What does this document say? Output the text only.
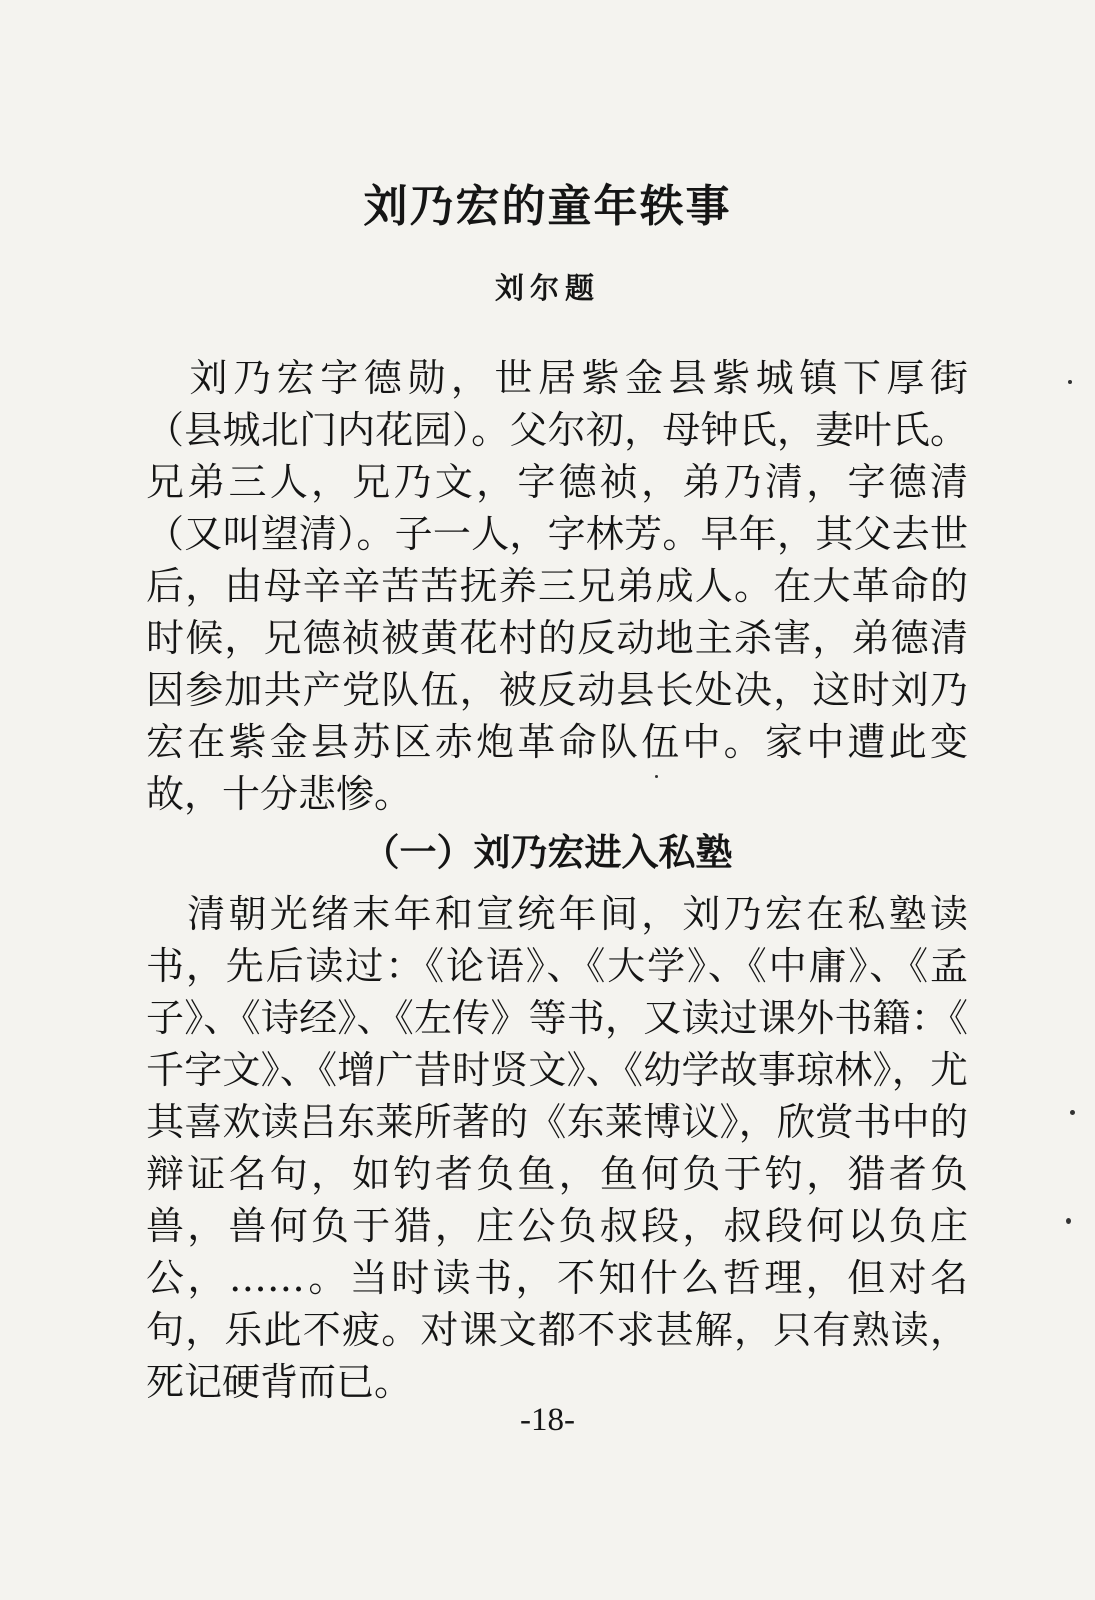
刘乃宏的童年轶事
刘尔题
　刘乃宏字德勋，世居紫金县紫城镇下厚街
（县城北门内花园）。父尔初，母钟氏，妻叶氏。
兄弟三人，兄乃文，字德祯，弟乃清，字德清
（又叫望清）。子一人，字林芳。早年，其父去世
后，由母辛辛苦苦抚养三兄弟成人。在大革命的
时候，兄德祯被黄花村的反动地主杀害，弟德清
因参加共产党队伍，被反动县长处决，这时刘乃
宏在紫金县苏区赤炮革命队伍中。家中遭此变
故，十分悲惨。
（一）刘乃宏进入私塾
　清朝光绪末年和宣统年间，刘乃宏在私塾读
书，先后读过：《论语》、《大学》、《中庸》、《孟
子》、《诗经》、《左传》等书，又读过课外书籍：《
千字文》、《增广昔时贤文》、《幼学故事琼林》，尤
其喜欢读吕东莱所著的《东莱博议》，欣赏书中的
辩证名句，如钓者负鱼，鱼何负于钓，猎者负
兽，兽何负于猎，庄公负叔段，叔段何以负庄
公，……。当时读书，不知什么哲理，但对名
句，乐此不疲。对课文都不求甚解，只有熟读，
死记硬背而已。
-18-
